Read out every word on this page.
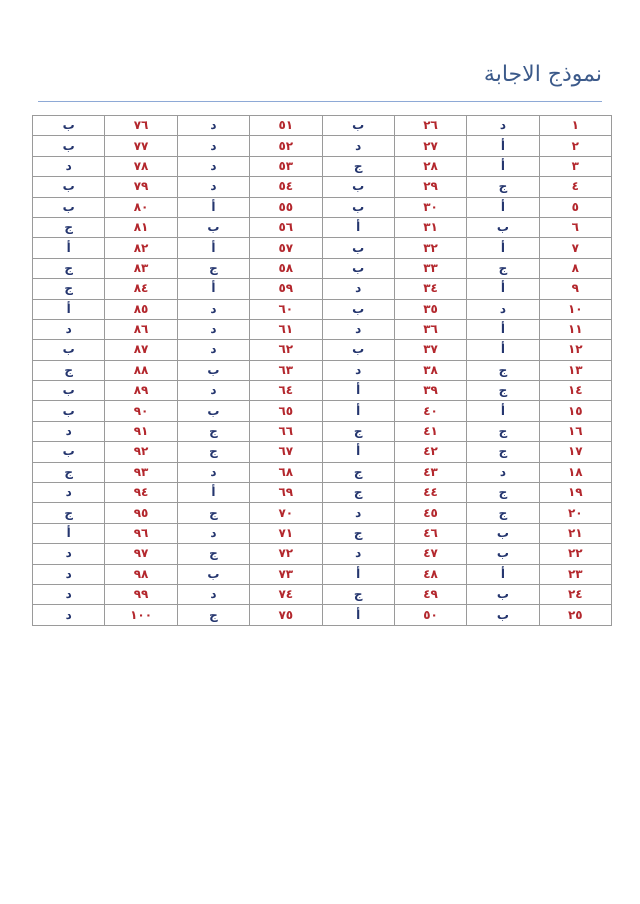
نموذج الاجابة
١	د	٢٦	ب	٥١	د	٧٦	ب
٢	أ	٢٧	د	٥٢	د	٧٧	ب
٣	أ	٢٨	ج	٥٣	د	٧٨	د
٤	ج	٢٩	ب	٥٤	د	٧٩	ب
٥	أ	٣٠	ب	٥٥	أ	٨٠	ب
٦	ب	٣١	أ	٥٦	ب	٨١	ج
٧	أ	٣٢	ب	٥٧	أ	٨٢	أ
٨	ج	٣٣	ب	٥٨	ج	٨٣	ج
٩	أ	٣٤	د	٥٩	أ	٨٤	ج
١٠	د	٣٥	ب	٦٠	د	٨٥	أ
١١	أ	٣٦	د	٦١	د	٨٦	د
١٢	أ	٣٧	ب	٦٢	د	٨٧	ب
١٣	ج	٣٨	د	٦٣	ب	٨٨	ج
١٤	ج	٣٩	أ	٦٤	د	٨٩	ب
١٥	أ	٤٠	أ	٦٥	ب	٩٠	ب
١٦	ج	٤١	ج	٦٦	ج	٩١	د
١٧	ج	٤٢	أ	٦٧	ج	٩٢	ب
١٨	د	٤٣	ج	٦٨	د	٩٣	ج
١٩	ج	٤٤	ج	٦٩	أ	٩٤	د
٢٠	ج	٤٥	د	٧٠	ج	٩٥	ج
٢١	ب	٤٦	ج	٧١	د	٩٦	أ
٢٢	ب	٤٧	د	٧٢	ج	٩٧	د
٢٣	أ	٤٨	أ	٧٣	ب	٩٨	د
٢٤	ب	٤٩	ج	٧٤	د	٩٩	د
٢٥	ب	٥٠	أ	٧٥	ج	١٠٠	د
